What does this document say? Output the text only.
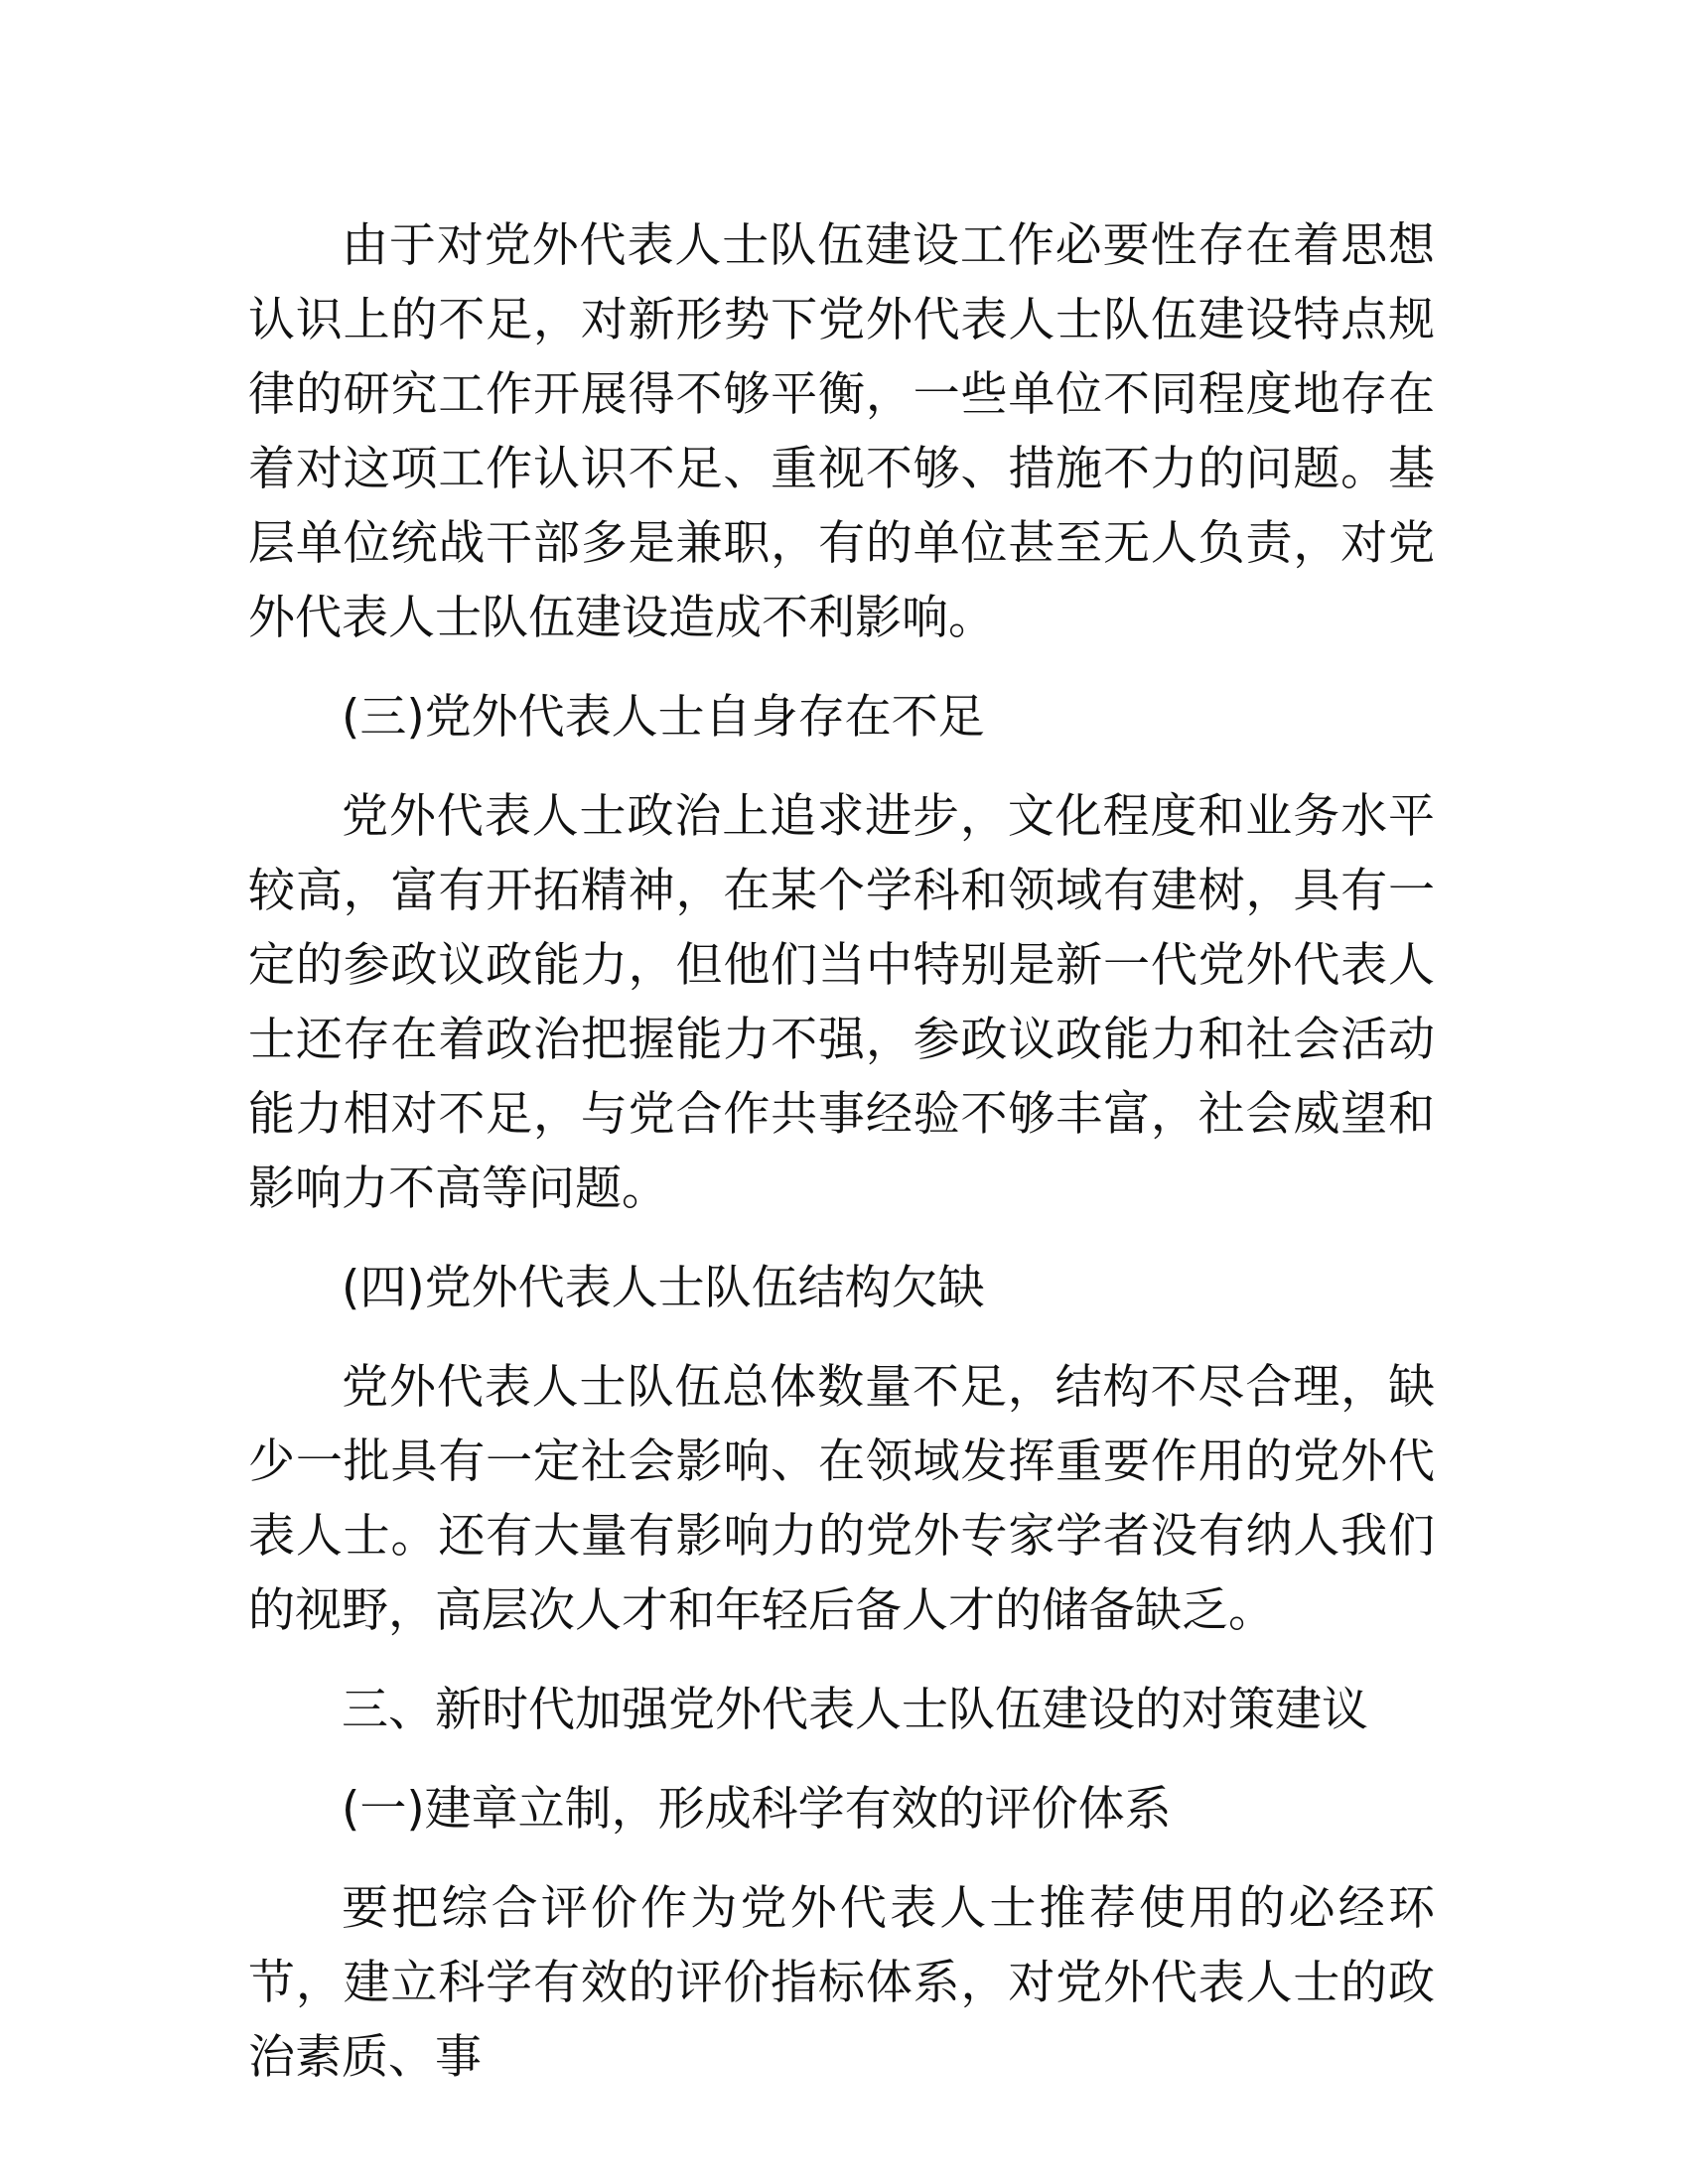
由于对党外代表人士队伍建设工作必要性存在着思想认识上的不足，对新形势下党外代表人士队伍建设特点规律的研究工作开展得不够平衡，一些单位不同程度地存在着对这项工作认识不足、重视不够、措施不力的问题。基层单位统战干部多是兼职，有的单位甚至无人负责，对党外代表人士队伍建设造成不利影响。

(三)党外代表人士自身存在不足

党外代表人士政治上追求进步，文化程度和业务水平较高，富有开拓精神，在某个学科和领域有建树，具有一定的参政议政能力，但他们当中特别是新一代党外代表人士还存在着政治把握能力不强，参政议政能力和社会活动能力相对不足，与党合作共事经验不够丰富，社会威望和影响力不高等问题。

(四)党外代表人士队伍结构欠缺

党外代表人士队伍总体数量不足，结构不尽合理，缺少一批具有一定社会影响、在领域发挥重要作用的党外代表人士。还有大量有影响力的党外专家学者没有纳人我们的视野，高层次人才和年轻后备人才的储备缺乏。

三、新时代加强党外代表人士队伍建设的对策建议

(一)建章立制，形成科学有效的评价体系

要把综合评价作为党外代表人士推荐使用的必经环节，建立科学有效的评价指标体系，对党外代表人士的政治素质、事
